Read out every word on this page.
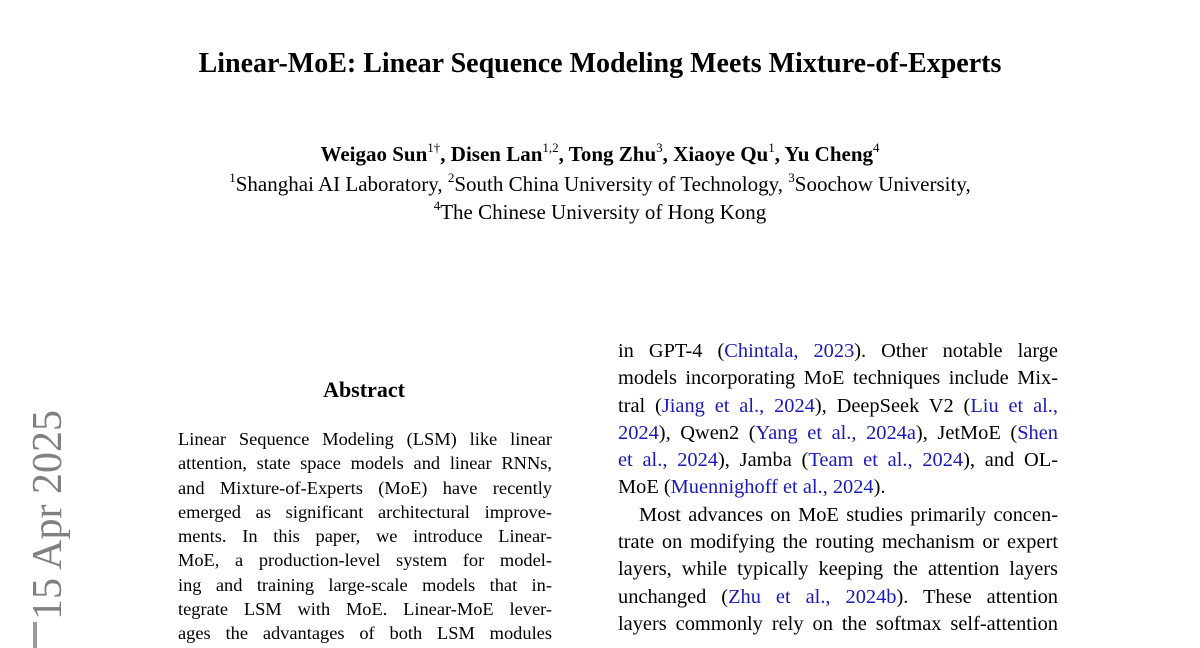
Linear-MoE: Linear Sequence Modeling Meets Mixture-of-Experts
Weigao Sun$^{1\dagger}$, Disen Lan$^{1,2}$, Tong Zhu$^3$, Xiaoye Qu$^1$, Yu Cheng$^4$
$^1$Shanghai AI Laboratory, $^2$South China University of Technology, $^3$Soochow University,
$^4$The Chinese University of Hong Kong
15 Apr 2025
Abstract
Linear Sequence Modeling (LSM) like linear
attention, state space models and linear RNNs,
and Mixture-of-Experts (MoE) have recently
emerged as significant architectural improve-
ments. In this paper, we introduce Linear-
MoE, a production-level system for model-
ing and training large-scale models that in-
tegrate LSM with MoE. Linear-MoE lever-
ages the advantages of both LSM modules
in GPT-4 (Chintala, 2023). Other notable large
models incorporating MoE techniques include Mix-
tral (Jiang et al., 2024), DeepSeek V2 (Liu et al.,
2024), Qwen2 (Yang et al., 2024a), JetMoE (Shen
et al., 2024), Jamba (Team et al., 2024), and OL-
MoE (Muennighoff et al., 2024).
Most advances on MoE studies primarily concen-
trate on modifying the routing mechanism or expert
layers, while typically keeping the attention layers
unchanged (Zhu et al., 2024b). These attention
layers commonly rely on the softmax self-attention
